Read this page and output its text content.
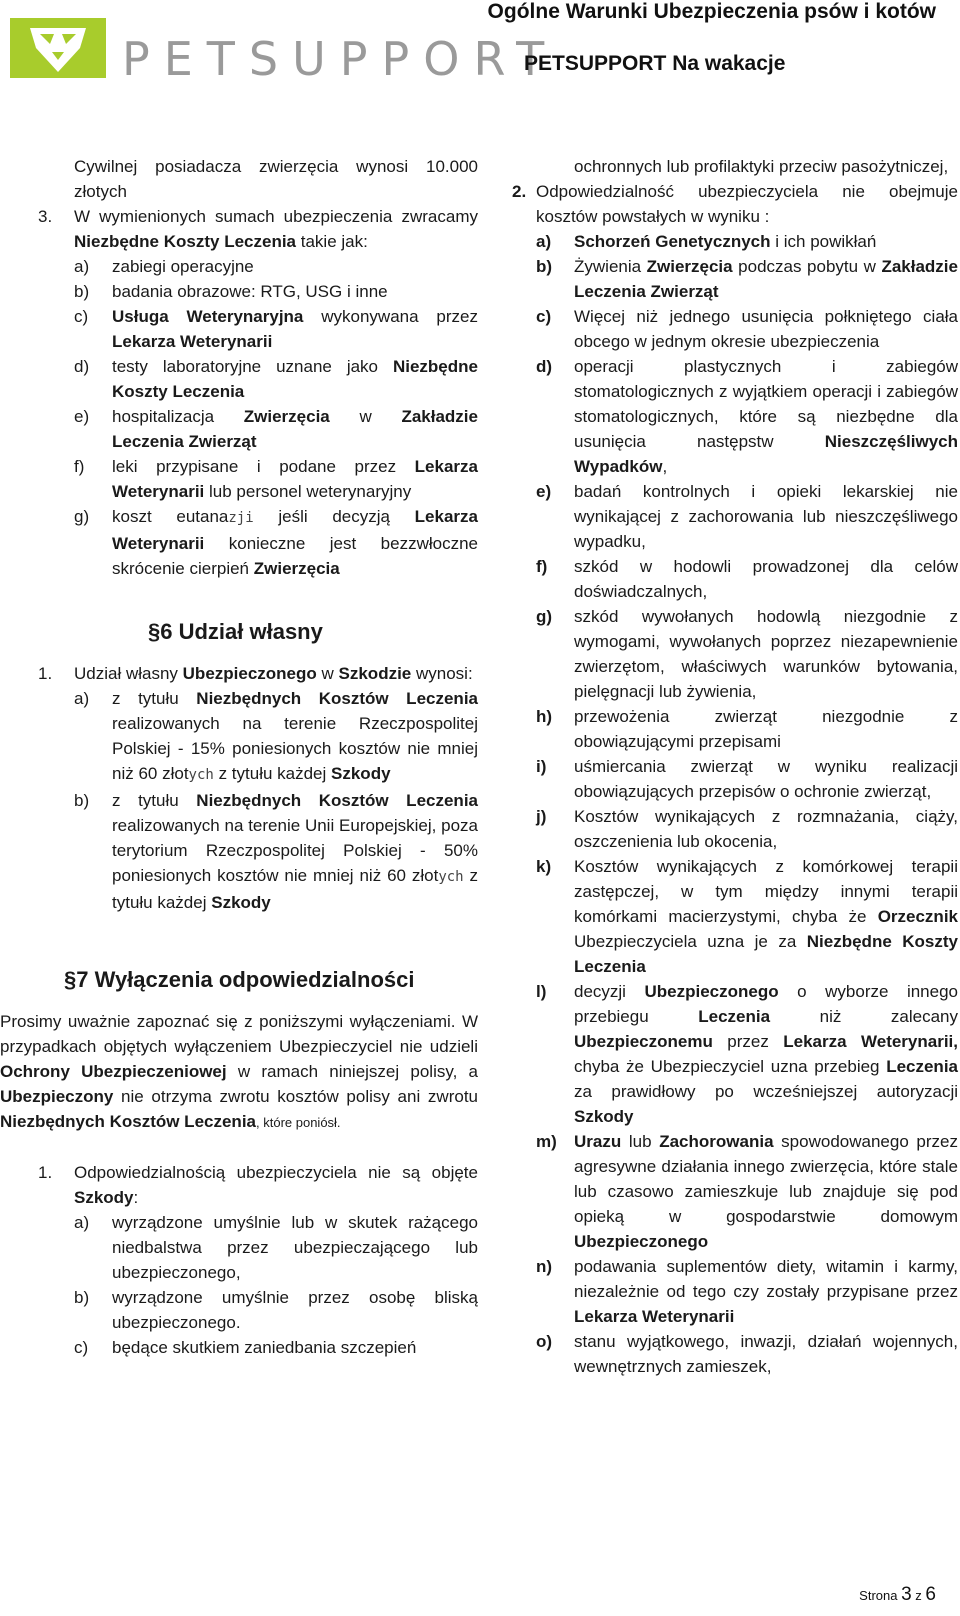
PETSUPPORT
Ogólne Warunki Ubezpieczenia psów i kotów
PETSUPPORT Na wakacje
Cywilnej posiadacza zwierzęcia wynosi 10.000
złotych
3.	W wymienionych sumach ubezpieczenia zwracamy Niezbędne Koszty Leczenia takie jak:
a)	zabiegi operacyjne
b)	badania obrazowe: RTG, USG i inne
c)	Usługa Weterynaryjna wykonywana przez Lekarza Weterynarii
d)	testy laboratoryjne uznane jako Niezbędne Koszty Leczenia
e)	hospitalizacja Zwierzęcia w Zakładzie Leczenia Zwierząt
f)	leki przypisane i podane przez Lekarza Weterynarii lub personel weterynaryjny
g)	koszt eutanazji jeśli decyzją Lekarza Weterynarii konieczne jest bezzwłoczne skrócenie cierpień Zwierzęcia
§6 Udział własny
1.	Udział własny Ubezpieczonego w Szkodzie wynosi:
a)	z tytułu Niezbędnych Kosztów Leczenia realizowanych na terenie Rzeczpospolitej Polskiej - 15% poniesionych kosztów nie mniej niż 60 złotych z tytułu każdej Szkody
b)	z tytułu Niezbędnych Kosztów Leczenia realizowanych na terenie Unii Europejskiej, poza terytorium Rzeczpospolitej Polskiej - 50% poniesionych kosztów nie mniej niż 60 złotych z tytułu każdej Szkody
§7 Wyłączenia odpowiedzialności
Prosimy uważnie zapoznać się z poniższymi wyłączeniami. W przypadkach objętych wyłączeniem Ubezpieczyciel nie udzieli Ochrony Ubezpieczeniowej w ramach niniejszej polisy, a Ubezpieczony nie otrzyma zwrotu kosztów polisy ani zwrotu Niezbędnych Kosztów Leczenia, które poniósł.
1.	Odpowiedzialnością ubezpieczyciela nie są objęte Szkody:
a)	wyrządzone umyślnie lub w skutek rażącego niedbalstwa przez ubezpieczającego lub ubezpieczonego,
b)	wyrządzone umyślnie przez osobę bliską ubezpieczonego.
c)	będące skutkiem zaniedbania szczepień
ochronnych lub profilaktyki przeciw pasożytniczej,
2. Odpowiedzialność ubezpieczyciela nie obejmuje kosztów powstałych w wyniku :
a)	Schorzeń Genetycznych i ich powikłań
b)	Żywienia Zwierzęcia podczas pobytu w Zakładzie Leczenia Zwierząt
c)	Więcej niż jednego usunięcia połkniętego ciała obcego w jednym okresie ubezpieczenia
d)	operacji plastycznych i zabiegów stomatologicznych z wyjątkiem operacji i zabiegów stomatologicznych, które są niezbędne dla usunięcia następstw Nieszczęśliwych Wypadków,
e)	badań kontrolnych i opieki lekarskiej nie wynikającej z zachorowania lub nieszczęśliwego wypadku,
f)	szkód w hodowli prowadzonej dla celów doświadczalnych,
g)	szkód wywołanych hodowlą niezgodnie z wymogami, wywołanych poprzez niezapewnienie zwierzętom, właściwych warunków bytowania, pielęgnacji lub żywienia,
h)	przewożenia zwierząt niezgodnie z obowiązującymi przepisami
i)	uśmiercania zwierząt w wyniku realizacji obowiązujących przepisów o ochronie zwierząt,
j)	Kosztów wynikających z rozmnażania, ciąży, oszczenienia lub okocenia,
k)	Kosztów wynikających z komórkowej terapii zastępczej, w tym między innymi terapii komórkami macierzystymi, chyba że Orzecznik Ubezpieczyciela uzna je za Niezbędne Koszty Leczenia
l)	decyzji Ubezpieczonego o wyborze innego przebiegu Leczenia niż zalecany Ubezpieczonemu przez Lekarza Weterynarii, chyba że Ubezpieczyciel uzna przebieg Leczenia za prawidłowy po wcześniejszej autoryzacji Szkody
m)	Urazu lub Zachorowania spowodowanego przez agresywne działania innego zwierzęcia, które stale lub czasowo zamieszkuje lub znajduje się pod opieką w gospodarstwie domowym Ubezpieczonego
n)	podawania suplementów diety, witamin i karmy, niezależnie od tego czy zostały przypisane przez Lekarza Weterynarii
o)	stanu wyjątkowego, inwazji, działań wojennych, wewnętrznych zamieszek,
Strona 3 z 6
